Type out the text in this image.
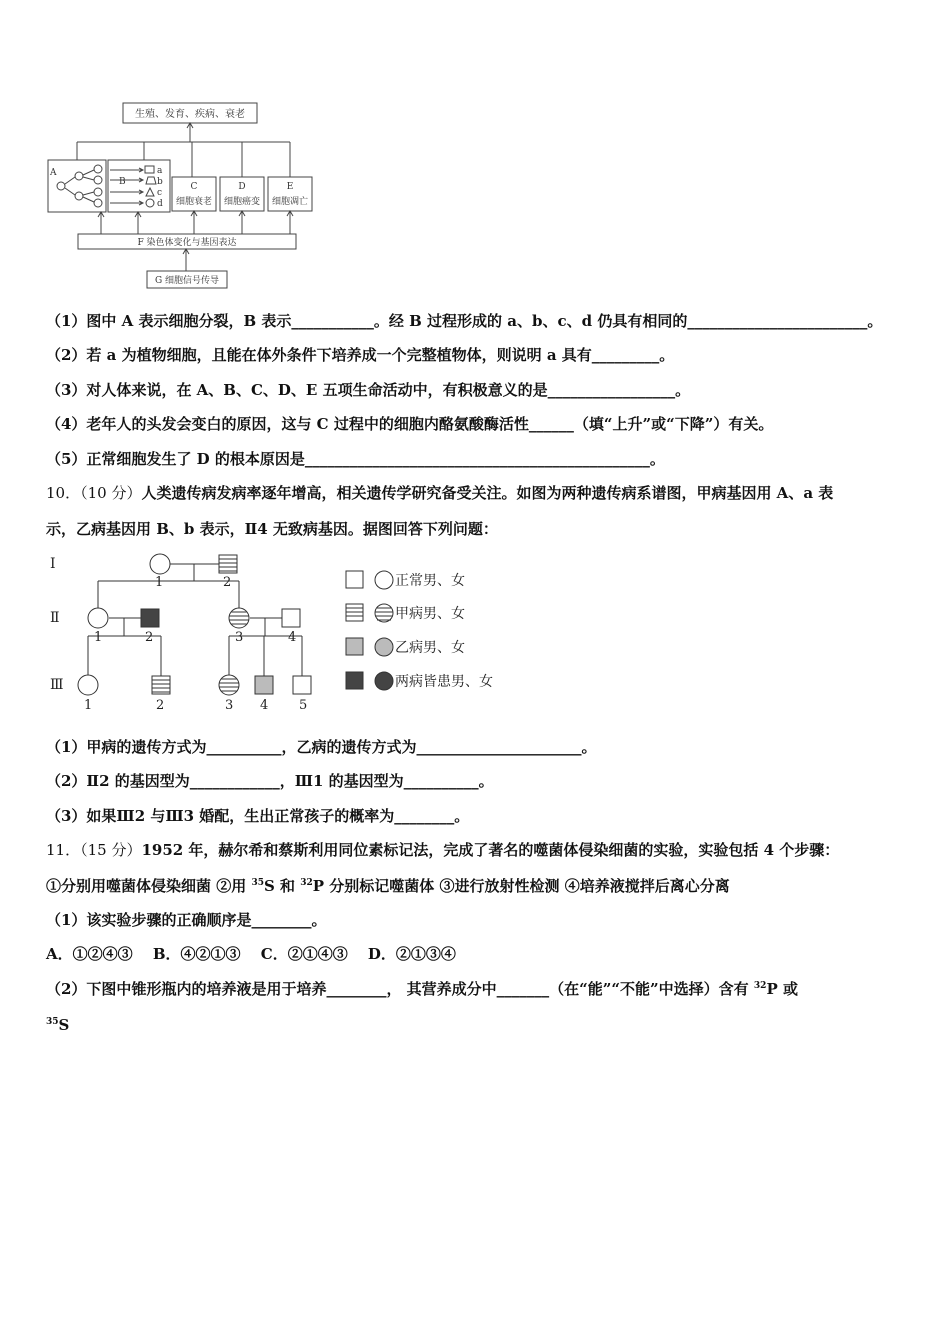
生殖、发育、疾病、衰老
A
B
a
b
c
d
C
细胞衰老
D
细胞癌变
E
细胞凋亡
F 染色体变化与基因表达
G 细胞信号传导
（1）图中 A 表示细胞分裂，B 表示___________。经 B 过程形成的 a、b、c、d 仍具有相同的________________________。
（2）若 a 为植物细胞，且能在体外条件下培养成一个完整植物体，则说明 a 具有_________。
（3）对人体来说，在 A、B、C、D、E 五项生命活动中，有积极意义的是_________________。
（4）老年人的头发会变白的原因，这与 C 过程中的细胞内酪氨酸酶活性______（填“上升”或“下降”）有关。
（5）正常细胞发生了 D 的根本原因是______________________________________________。
10．（10 分）人类遗传病发病率逐年增高，相关遗传学研究备受关注。如图为两种遗传病系谱图，甲病基因用 A、a 表
示，乙病基因用 B、b 表示，Ⅱ4 无致病基因。据图回答下列问题：
Ⅰ
Ⅱ
Ⅲ
1	2
1	2	3	4
1	2	3 4 5
正常男、女
甲病男、女
乙病男、女
两病皆患男、女
（1）甲病的遗传方式为__________，乙病的遗传方式为______________________。
（2）Ⅱ2 的基因型为____________，Ⅲ1 的基因型为__________。
（3）如果Ⅲ2 与Ⅲ3 婚配，生出正常孩子的概率为________。
11．（15 分）1952 年，赫尔希和蔡斯利用同位素标记法，完成了著名的噬菌体侵染细菌的实验，实验包括 4 个步骤：
①分别用噬菌体侵染细菌 ②用 $^{35}$S 和 $^{32}$P 分别标记噬菌体 ③进行放射性检测 ④培养液搅拌后离心分离
（1）该实验步骤的正确顺序是________。
A．①②④③　 B．④②①③　 C．②①④③　 D．②①③④
（2）下图中锥形瓶内的培养液是用于培养________， 其营养成分中_______（在“能”“不能”中选择）含有 $^{32}$P 或
$^{35}$S
